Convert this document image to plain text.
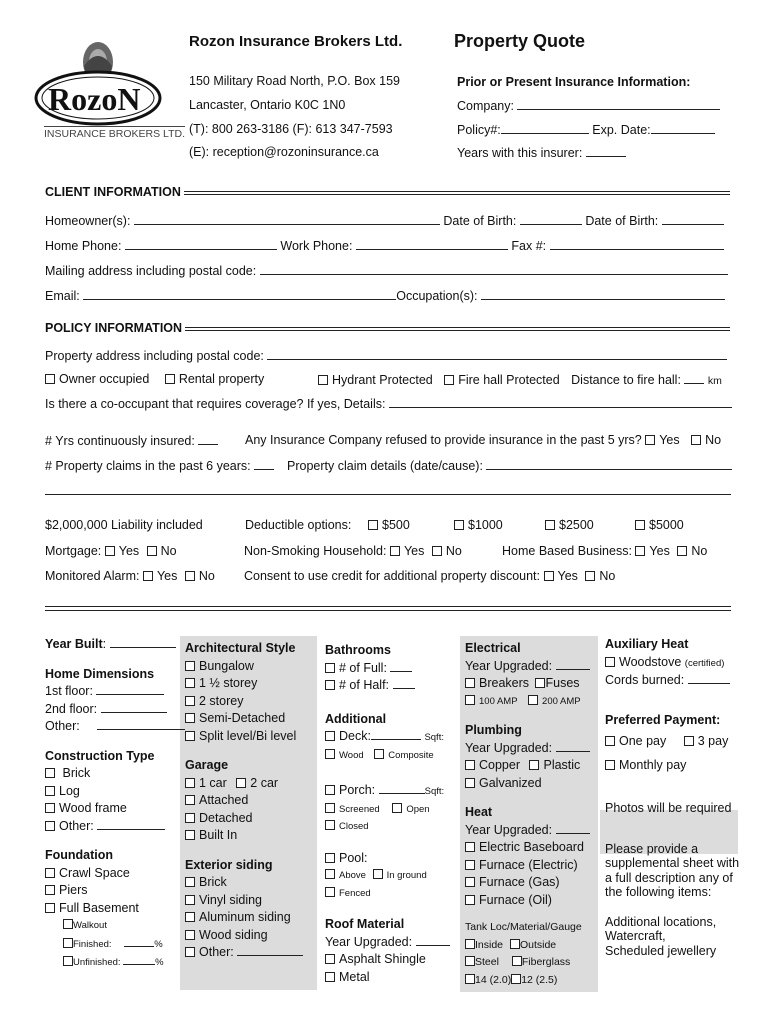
RozoN
INSURANCE BROKERS LTD.
Rozon Insurance Brokers Ltd.	Property Quote
150 Military Road North, P.O. Box 159
Lancaster, Ontario K0C 1N0
(T): 800 263-3186 (F): 613 347-7593
(E): reception@rozoninsurance.ca
Prior or Present Insurance Information:
Company:
Policy#:	Exp. Date:
Years with this insurer:
CLIENT INFORMATION
Homeowner(s):	Date of Birth:	Date of Birth:
Home Phone:	Work Phone:	Fax #:
Mailing address including postal code:
Email:	Occupation(s):
POLICY INFORMATION
Property address including postal code:
Owner occupied Rental property	Hydrant Protected Fire hall Protected Distance to fire hall:	km
Is there a co-occupant that requires coverage? If yes, Details:
# Yrs continuously insured:	Any Insurance Company refused to provide insurance in the past 5 yrs? Yes No
# Property claims in the past 6 years:	Property claim details (date/cause):
$2,000,000 Liability included	Deductible options:	$500	$1000	$2500	$5000
Mortgage: Yes No	Non-Smoking Household: Yes No	Home Based Business: Yes No
Monitored Alarm: Yes No Consent to use credit for additional property discount: Yes No
Year Built:
Home Dimensions
1st floor:
2nd floor:
Other:
Construction Type
Brick
Log
Wood frame
Other:
Foundation
Crawl Space
Piers
Full Basement
Walkout
Finished:	%
Unfinished:	%
Architectural Style
Bungalow
1 ½ storey
2 storey
Semi-Detached
Split level/Bi level
Garage
1 car 2 car
Attached
Detached
Built In
Exterior siding
Brick
Vinyl siding
Aluminum siding
Wood siding
Other:
Bathrooms
# of Full:
# of Half:
Additional
Deck:	Sqft:
Wood	Composite
Porch:	Sqft:
Screened	Open
Closed
Pool:
Above In ground
Fenced
Roof Material
Year Upgraded:
Asphalt Shingle
Metal
Electrical
Year Upgraded:
Breakers Fuses
100 AMP	200 AMP
Plumbing
Year Upgraded:
Copper Plastic
Galvanized
Heat
Year Upgraded:
Electric Baseboard
Furnace (Electric)
Furnace (Gas)
Furnace (Oil)
Tank Loc/Material/Gauge
Inside Outside
Steel Fiberglass
14 (2.0) 12 (2.5)
Auxiliary Heat
Woodstove (certified)
Cords burned:
Preferred Payment:
One pay	3 pay
Monthly pay
Photos will be required
Please provide a
supplemental sheet with
a full description any of
the following items:
Additional locations,
Watercraft,
Scheduled jewellery
